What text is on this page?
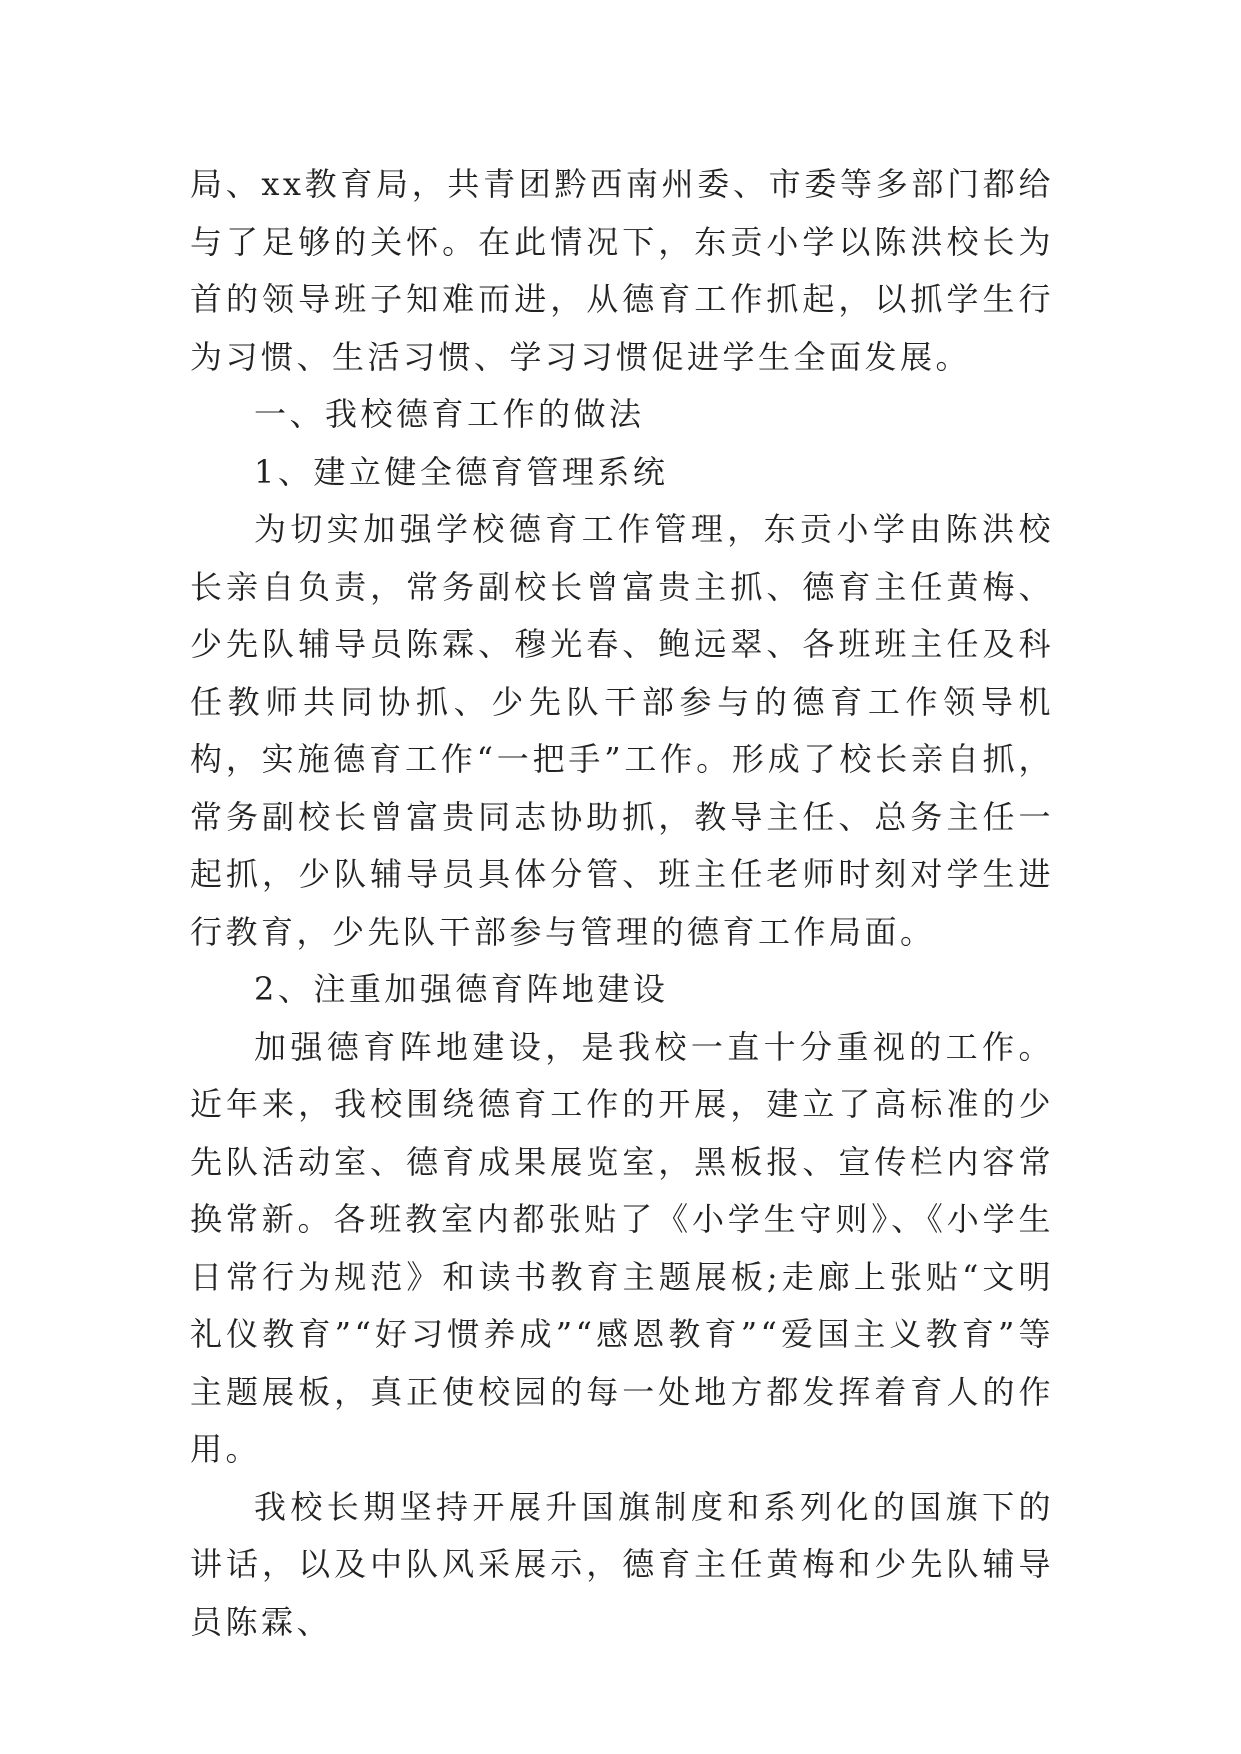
局、xx教育局，共青团黔西南州委、市委等多部门都给与了足够的关怀。在此情况下，东贡小学以陈洪校长为首的领导班子知难而进，从德育工作抓起，以抓学生行为习惯、生活习惯、学习习惯促进学生全面发展。

一、我校德育工作的做法

1、建立健全德育管理系统

为切实加强学校德育工作管理，东贡小学由陈洪校长亲自负责，常务副校长曾富贵主抓、德育主任黄梅、少先队辅导员陈霖、穆光春、鲍远翠、各班班主任及科任教师共同协抓、少先队干部参与的德育工作领导机构，实施德育工作“一把手”工作。形成了校长亲自抓，常务副校长曾富贵同志协助抓，教导主任、总务主任一起抓，少队辅导员具体分管、班主任老师时刻对学生进行教育，少先队干部参与管理的德育工作局面。

2、注重加强德育阵地建设

加强德育阵地建设，是我校一直十分重视的工作。近年来，我校围绕德育工作的开展，建立了高标准的少先队活动室、德育成果展览室，黑板报、宣传栏内容常换常新。各班教室内都张贴了《小学生守则》、《小学生日常行为规范》和读书教育主题展板;走廊上张贴“文明礼仪教育”“好习惯养成”“感恩教育”“爱国主义教育”等主题展板，真正使校园的每一处地方都发挥着育人的作用。

我校长期坚持开展升国旗制度和系列化的国旗下的讲话，以及中队风采展示，德育主任黄梅和少先队辅导员陈霖、
